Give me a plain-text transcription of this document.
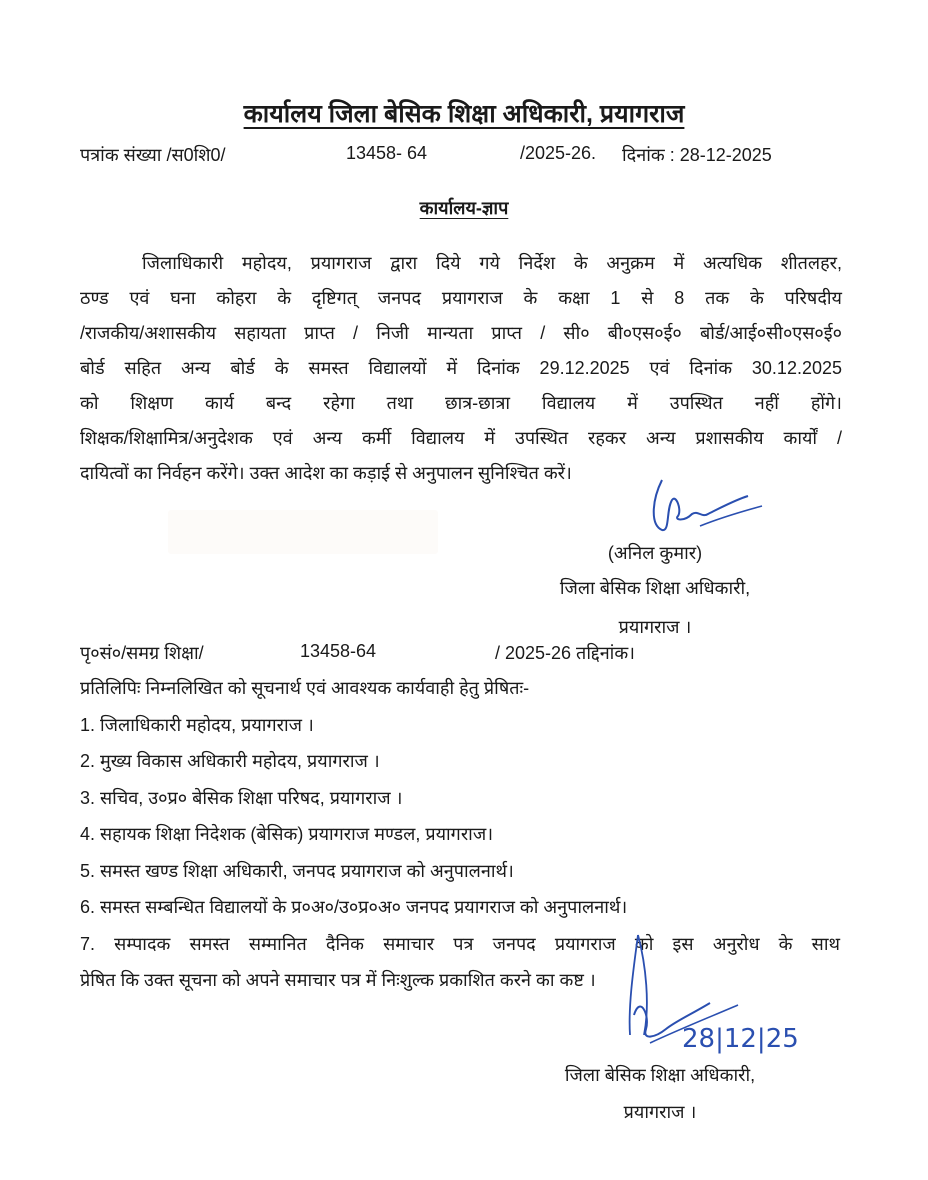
कार्यालय जिला बेसिक शिक्षा अधिकारी, प्रयागराज
पत्रांक संख्या /स0शि0/	13458- 64	/2025-26. दिनांक : 28-12-2025
कार्यालय-ज्ञाप
जिलाधिकारी महोदय, प्रयागराज द्वारा दिये गये निर्देश के अनुक्रम में अत्यधिक शीतलहर,
ठण्ड एवं घना कोहरा के दृष्टिगत् जनपद प्रयागराज के कक्षा 1 से 8 तक के परिषदीय
/राजकीय/अशासकीय सहायता प्राप्त / निजी मान्यता प्राप्त / सी० बी०एस०ई० बोर्ड/आई०सी०एस०ई०
बोर्ड सहित अन्य बोर्ड के समस्त विद्यालयों में दिनांक 29.12.2025 एवं दिनांक 30.12.2025
को शिक्षण कार्य बन्द रहेगा तथा छात्र-छात्रा विद्यालय में उपस्थित नहीं होंगे।
शिक्षक/शिक्षामित्र/अनुदेशक एवं अन्य कर्मी विद्यालय में उपस्थित रहकर अन्य प्रशासकीय कार्यों /
दायित्वों का निर्वहन करेंगे। उक्त आदेश का कड़ाई से अनुपालन सुनिश्चित करें।
(अनिल कुमार)
जिला बेसिक शिक्षा अधिकारी,
प्रयागराज ।
पृ०सं०/समग्र शिक्षा/	13458-64	/ 2025-26 तद्दिनांक।
प्रतिलिपिः निम्नलिखित को सूचनार्थ एवं आवश्यक कार्यवाही हेतु प्रेषितः-
1. जिलाधिकारी महोदय, प्रयागराज ।
2. मुख्य विकास अधिकारी महोदय, प्रयागराज ।
3. सचिव, उ०प्र० बेसिक शिक्षा परिषद, प्रयागराज ।
4. सहायक शिक्षा निदेशक (बेसिक) प्रयागराज मण्डल, प्रयागराज।
5. समस्त खण्ड शिक्षा अधिकारी, जनपद प्रयागराज को अनुपालनार्थ।
6. समस्त सम्बन्धित विद्यालयों के प्र०अ०/उ०प्र०अ० जनपद प्रयागराज को अनुपालनार्थ।
7. सम्पादक समस्त सम्मानित दैनिक समाचार पत्र जनपद प्रयागराज को इस अनुरोध के साथ
प्रेषित कि उक्त सूचना को अपने समाचार पत्र में निःशुल्क प्रकाशित करने का कष्ट ।
28|12|25
जिला बेसिक शिक्षा अधिकारी,
प्रयागराज ।
